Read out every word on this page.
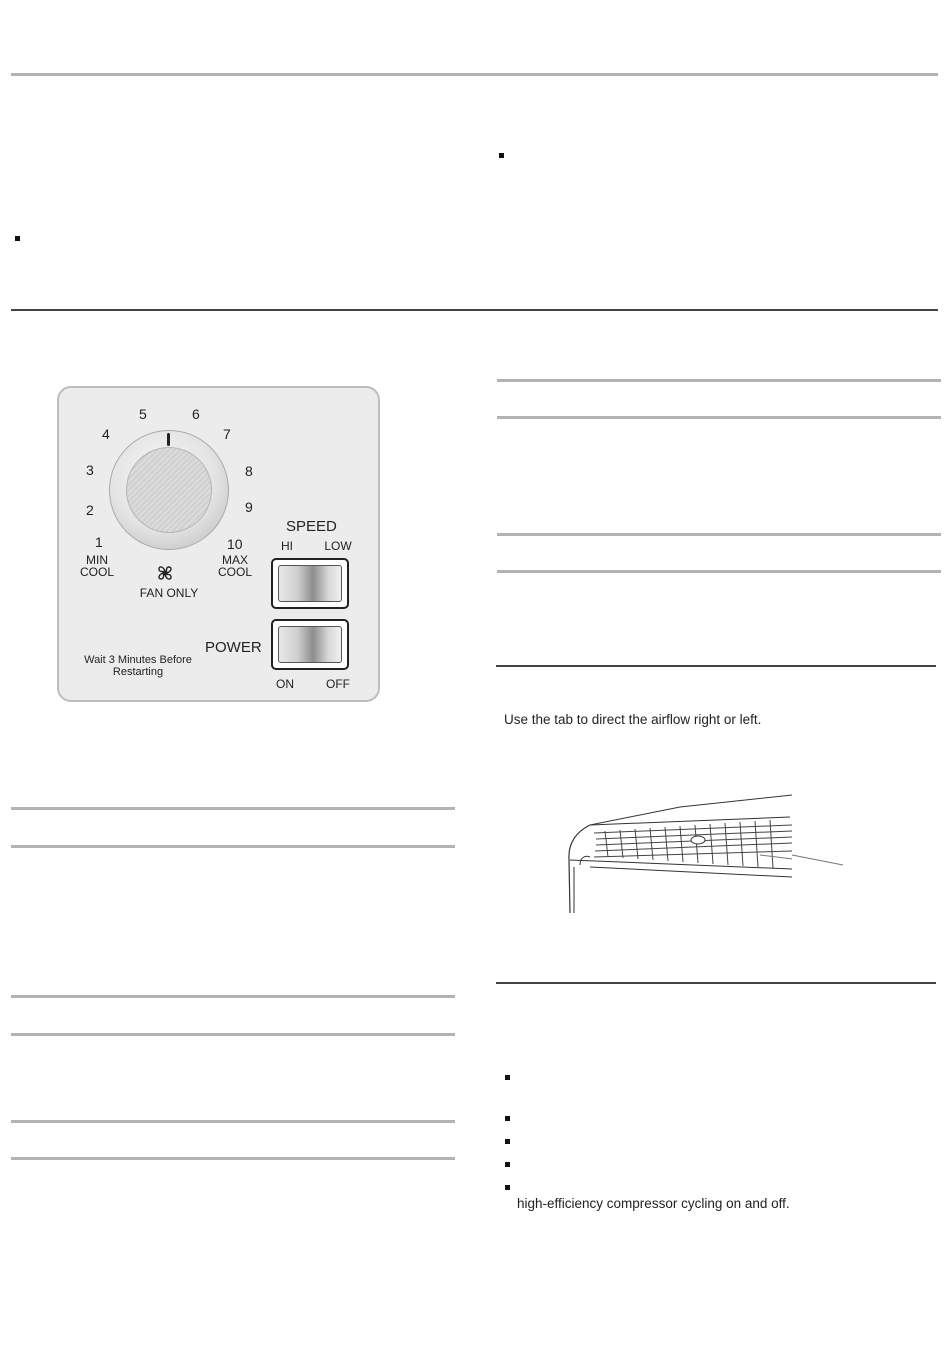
1
2
3
4
5	6
7
8
9
10
MIN
COOL
MAX
COOL
FAN ONLY
SPEED
HI	LOW
POWER
ON	OFF
Wait 3 Minutes Before
Restarting
Use the tab to direct the airflow right or left.
high-efficiency compressor cycling on and off.
